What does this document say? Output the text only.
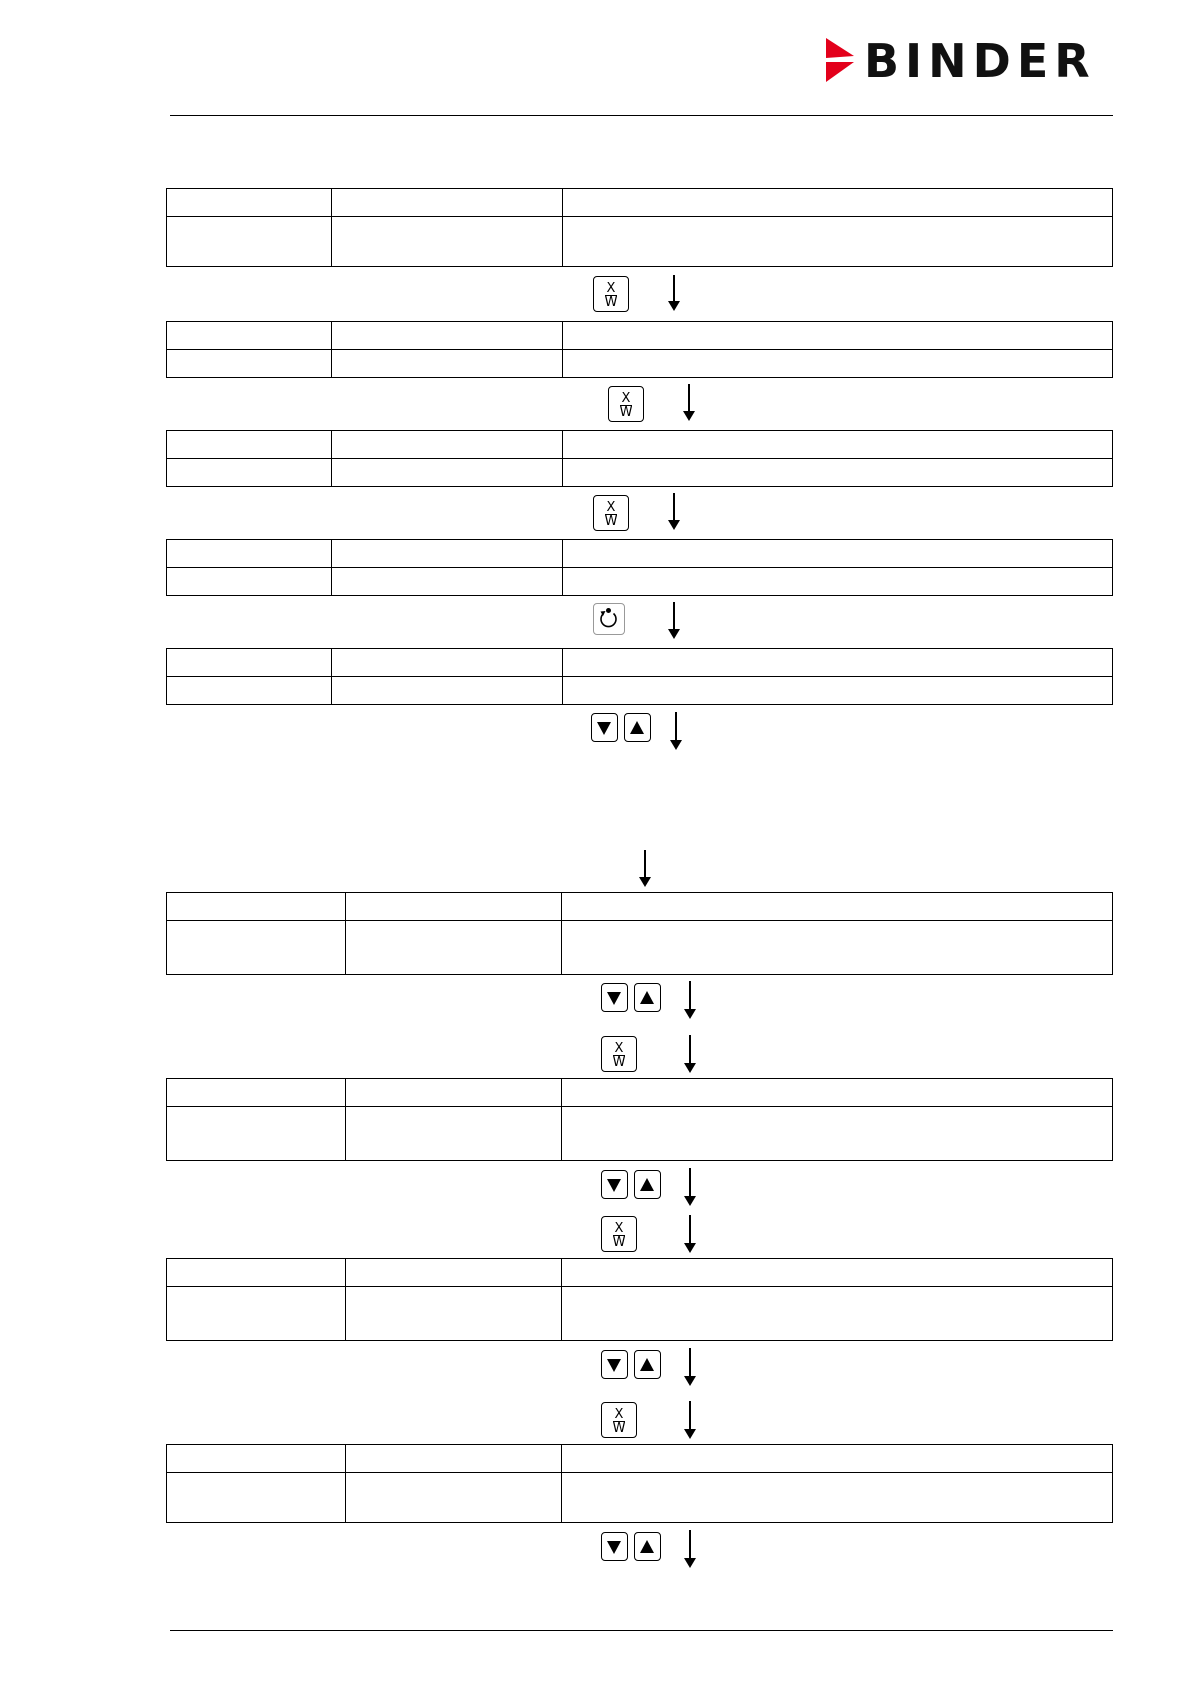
BINDER

X
W

X
W

X
W

X
W

X
W

X
W
